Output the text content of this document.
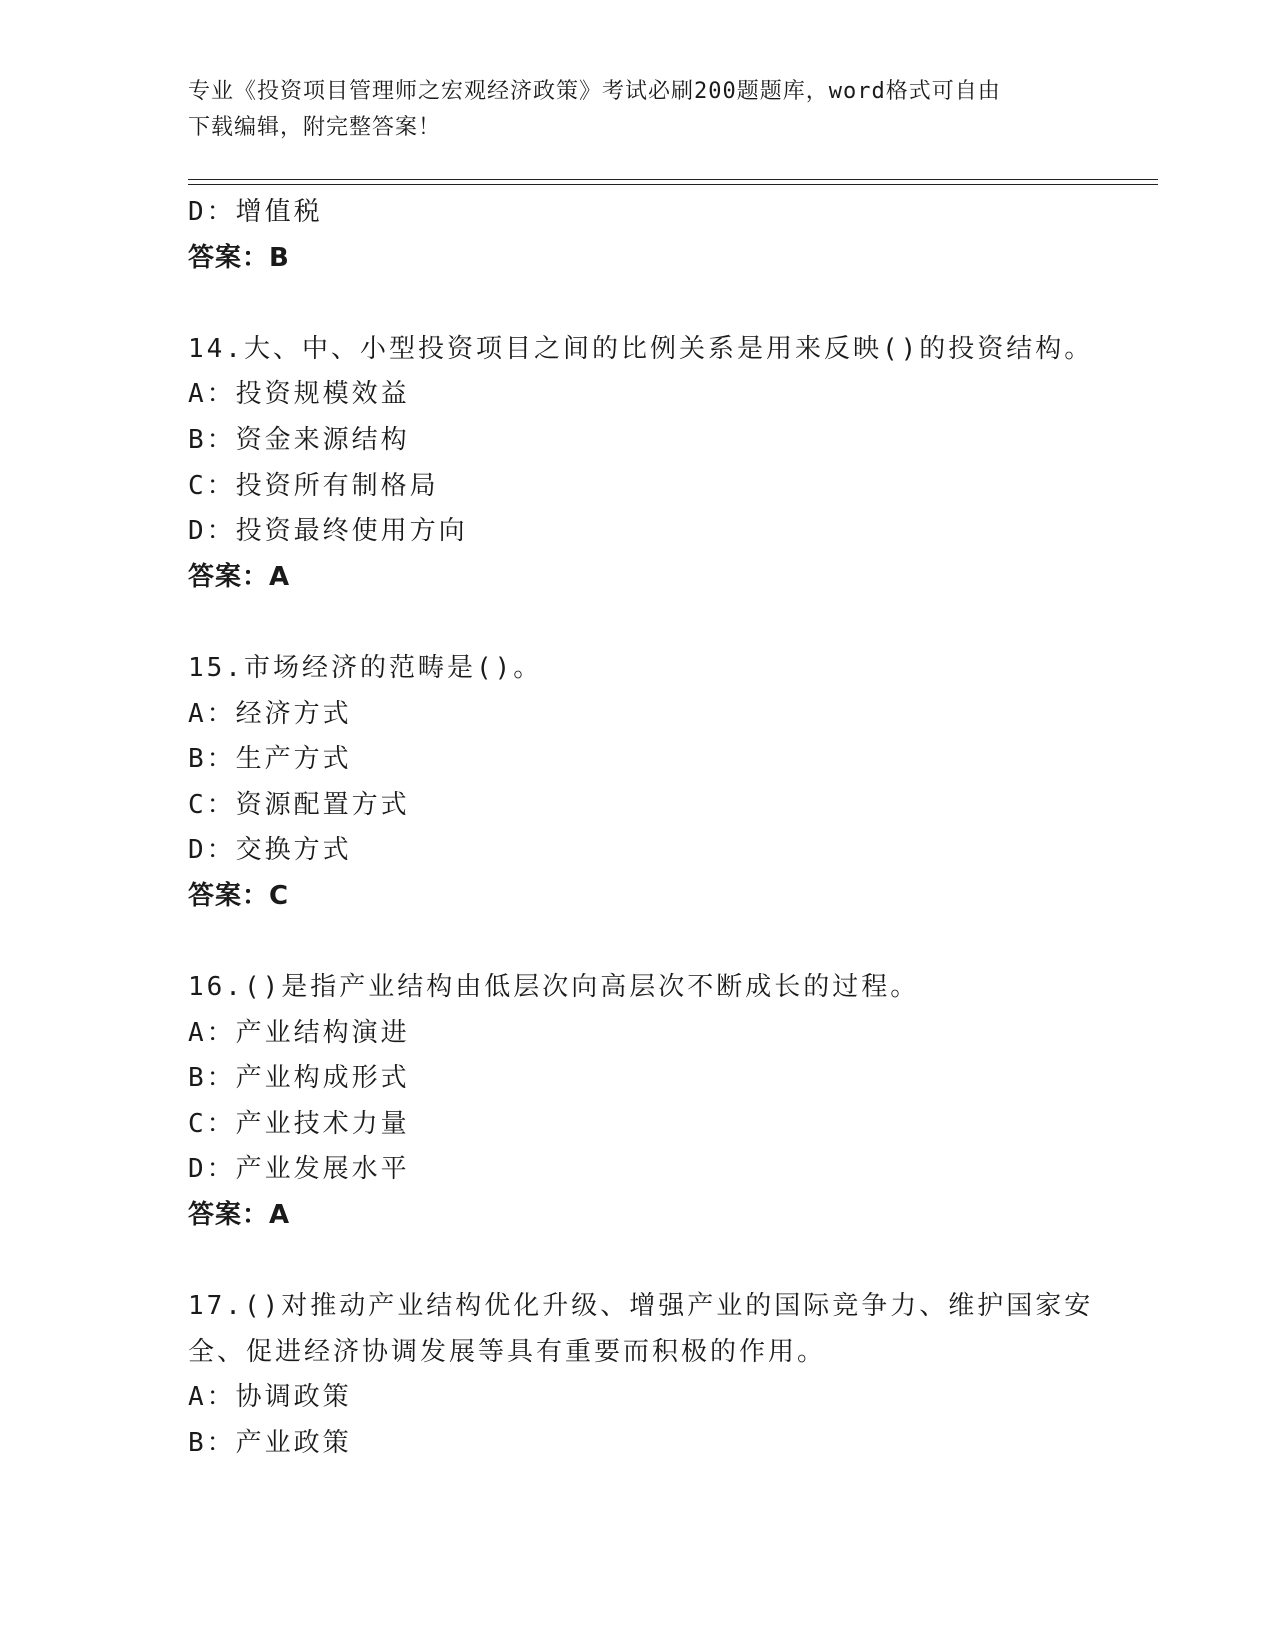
专业《投资项目管理师之宏观经济政策》考试必刷200题题库，word格式可自由
下载编辑，附完整答案！
D：增值税
答案：B
14.大、中、小型投资项目之间的比例关系是用来反映()的投资结构。
A：投资规模效益
B：资金来源结构
C：投资所有制格局
D：投资最终使用方向
答案：A
15.市场经济的范畴是()。
A：经济方式
B：生产方式
C：资源配置方式
D：交换方式
答案：C
16.()是指产业结构由低层次向高层次不断成长的过程。
A：产业结构演进
B：产业构成形式
C：产业技术力量
D：产业发展水平
答案：A
17.()对推动产业结构优化升级、增强产业的国际竞争力、维护国家安
全、促进经济协调发展等具有重要而积极的作用。
A：协调政策
B：产业政策
